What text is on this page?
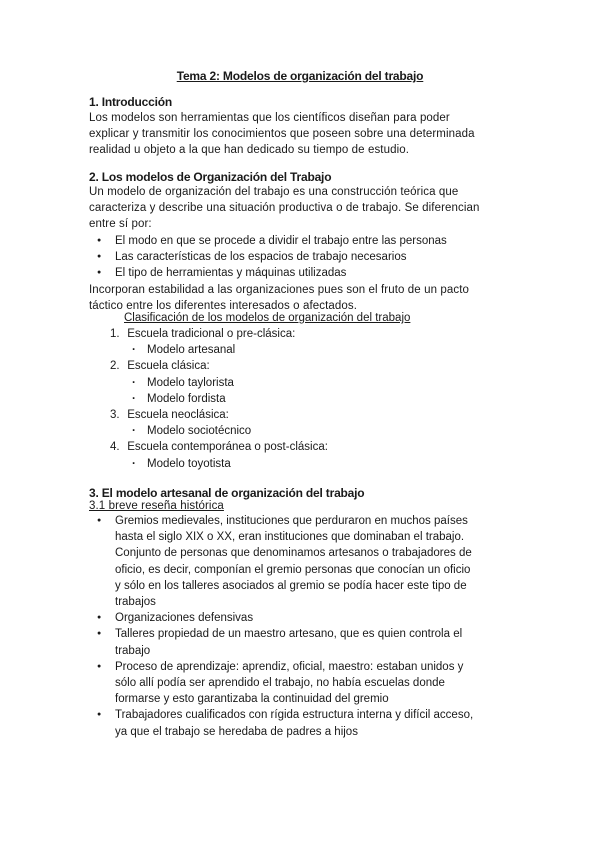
Tema 2: Modelos de organización del trabajo
1. Introducción
Los modelos son herramientas que los científicos diseñan para poder
explicar y transmitir los conocimientos que poseen sobre una determinada
realidad u objeto a la que han dedicado su tiempo de estudio.
2. Los modelos de Organización del Trabajo
Un modelo de organización del trabajo es una construcción teórica que
caracteriza y describe una situación productiva o de trabajo. Se diferencian
entre sí por:
● El modo en que se procede a dividir el trabajo entre las personas
● Las características de los espacios de trabajo necesarios
● El tipo de herramientas y máquinas utilizadas
Incorporan estabilidad a las organizaciones pues son el fruto de un pacto
táctico entre los diferentes interesados o afectados.
Clasificación de los modelos de organización del trabajo
1. Escuela tradicional o pre-clásica:
· Modelo artesanal
2. Escuela clásica:
· Modelo taylorista
· Modelo fordista
3. Escuela neoclásica:
· Modelo sociotécnico
4. Escuela contemporánea o post-clásica:
· Modelo toyotista
3. El modelo artesanal de organización del trabajo
3.1 breve reseña histórica
● Gremios medievales, instituciones que perduraron en muchos países
hasta el siglo XIX o XX, eran instituciones que dominaban el trabajo.
Conjunto de personas que denominamos artesanos o trabajadores de
oficio, es decir, componían el gremio personas que conocían un oficio
y sólo en los talleres asociados al gremio se podía hacer este tipo de
trabajos
● Organizaciones defensivas
● Talleres propiedad de un maestro artesano, que es quien controla el
trabajo
● Proceso de aprendizaje: aprendiz, oficial, maestro: estaban unidos y
sólo allí podía ser aprendido el trabajo, no había escuelas donde
formarse y esto garantizaba la continuidad del gremio
● Trabajadores cualificados con rígida estructura interna y difícil acceso,
ya que el trabajo se heredaba de padres a hijos
